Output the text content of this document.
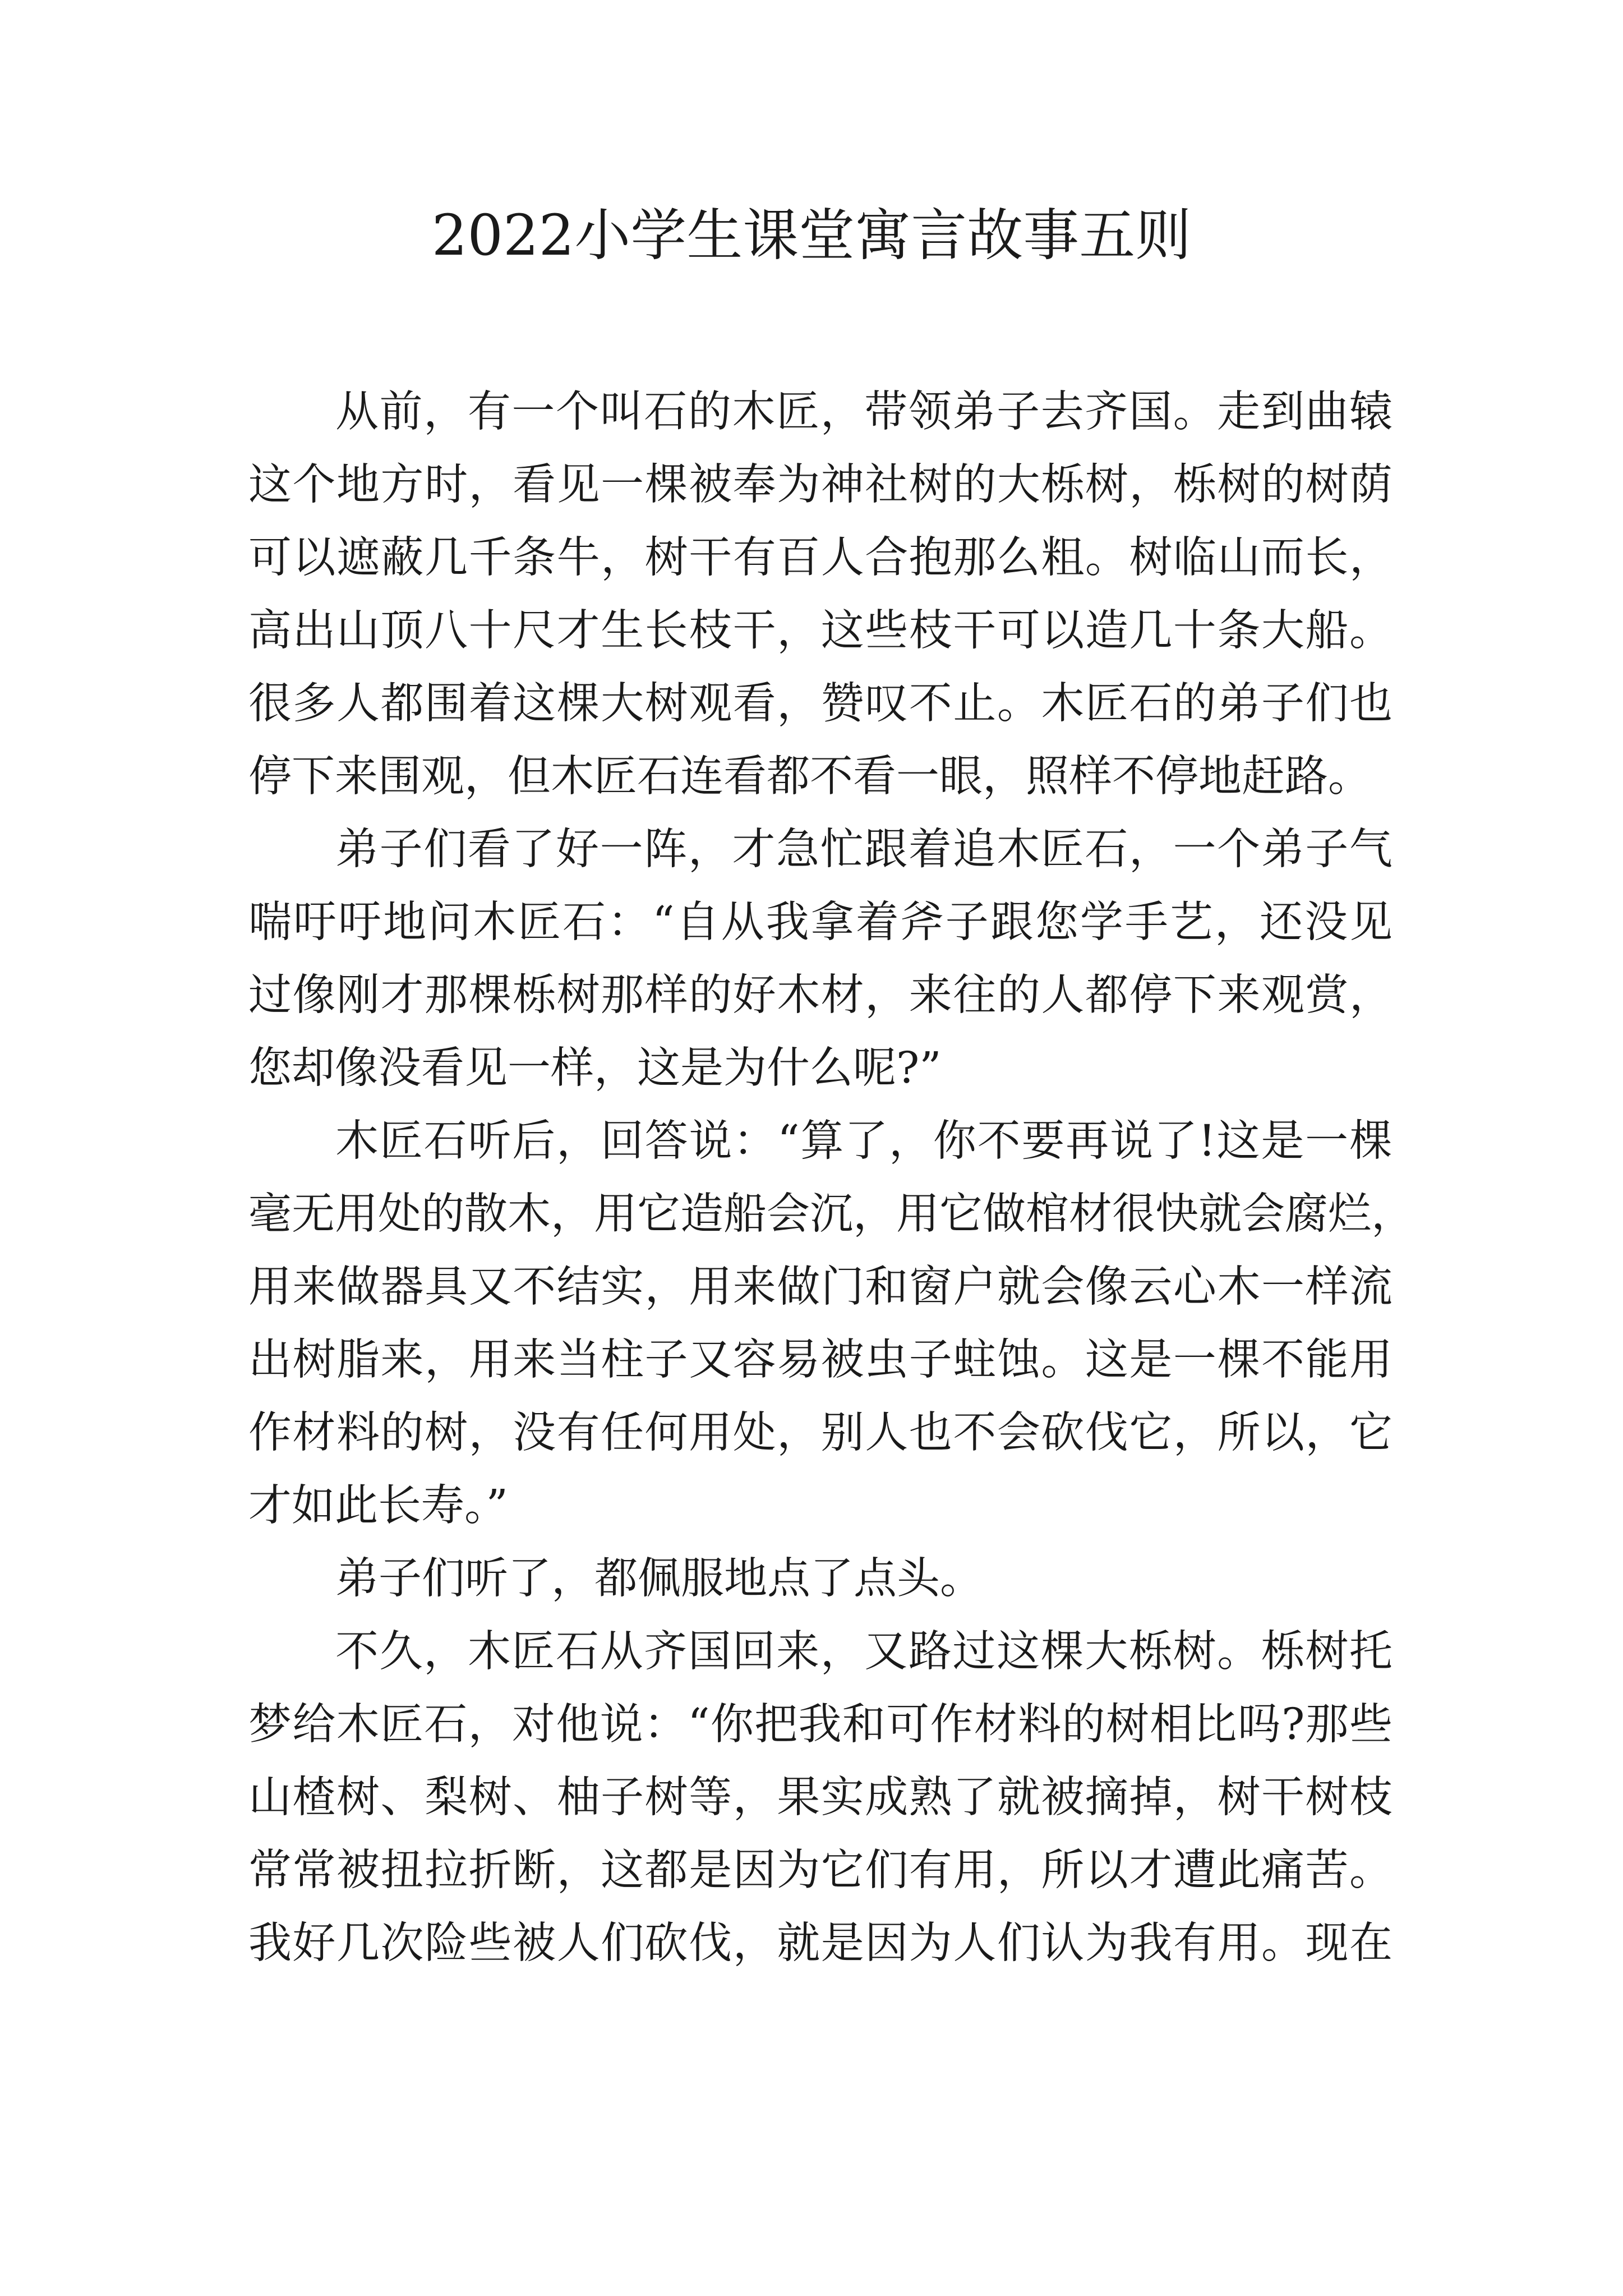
2022小学生课堂寓言故事五则
从前，有一个叫石的木匠，带领弟子去齐国。走到曲辕
这个地方时，看见一棵被奉为神社树的大栎树，栎树的树荫
可以遮蔽几千条牛，树干有百人合抱那么粗。树临山而长，
高出山顶八十尺才生长枝干，这些枝干可以造几十条大船。
很多人都围着这棵大树观看，赞叹不止。木匠石的弟子们也
停下来围观，但木匠石连看都不看一眼，照样不停地赶路。
弟子们看了好一阵，才急忙跟着追木匠石，一个弟子气
喘吁吁地问木匠石：“自从我拿着斧子跟您学手艺，还没见
过像刚才那棵栎树那样的好木材，来往的人都停下来观赏，
您却像没看见一样，这是为什么呢?”
木匠石听后，回答说：“算了，你不要再说了!这是一棵
毫无用处的散木，用它造船会沉，用它做棺材很快就会腐烂，
用来做器具又不结实，用来做门和窗户就会像云心木一样流
出树脂来，用来当柱子又容易被虫子蛀蚀。这是一棵不能用
作材料的树，没有任何用处，别人也不会砍伐它，所以，它
才如此长寿。”
弟子们听了，都佩服地点了点头。
不久，木匠石从齐国回来，又路过这棵大栎树。栎树托
梦给木匠石，对他说：“你把我和可作材料的树相比吗?那些
山楂树、梨树、柚子树等，果实成熟了就被摘掉，树干树枝
常常被扭拉折断，这都是因为它们有用，所以才遭此痛苦。
我好几次险些被人们砍伐，就是因为人们认为我有用。现在
